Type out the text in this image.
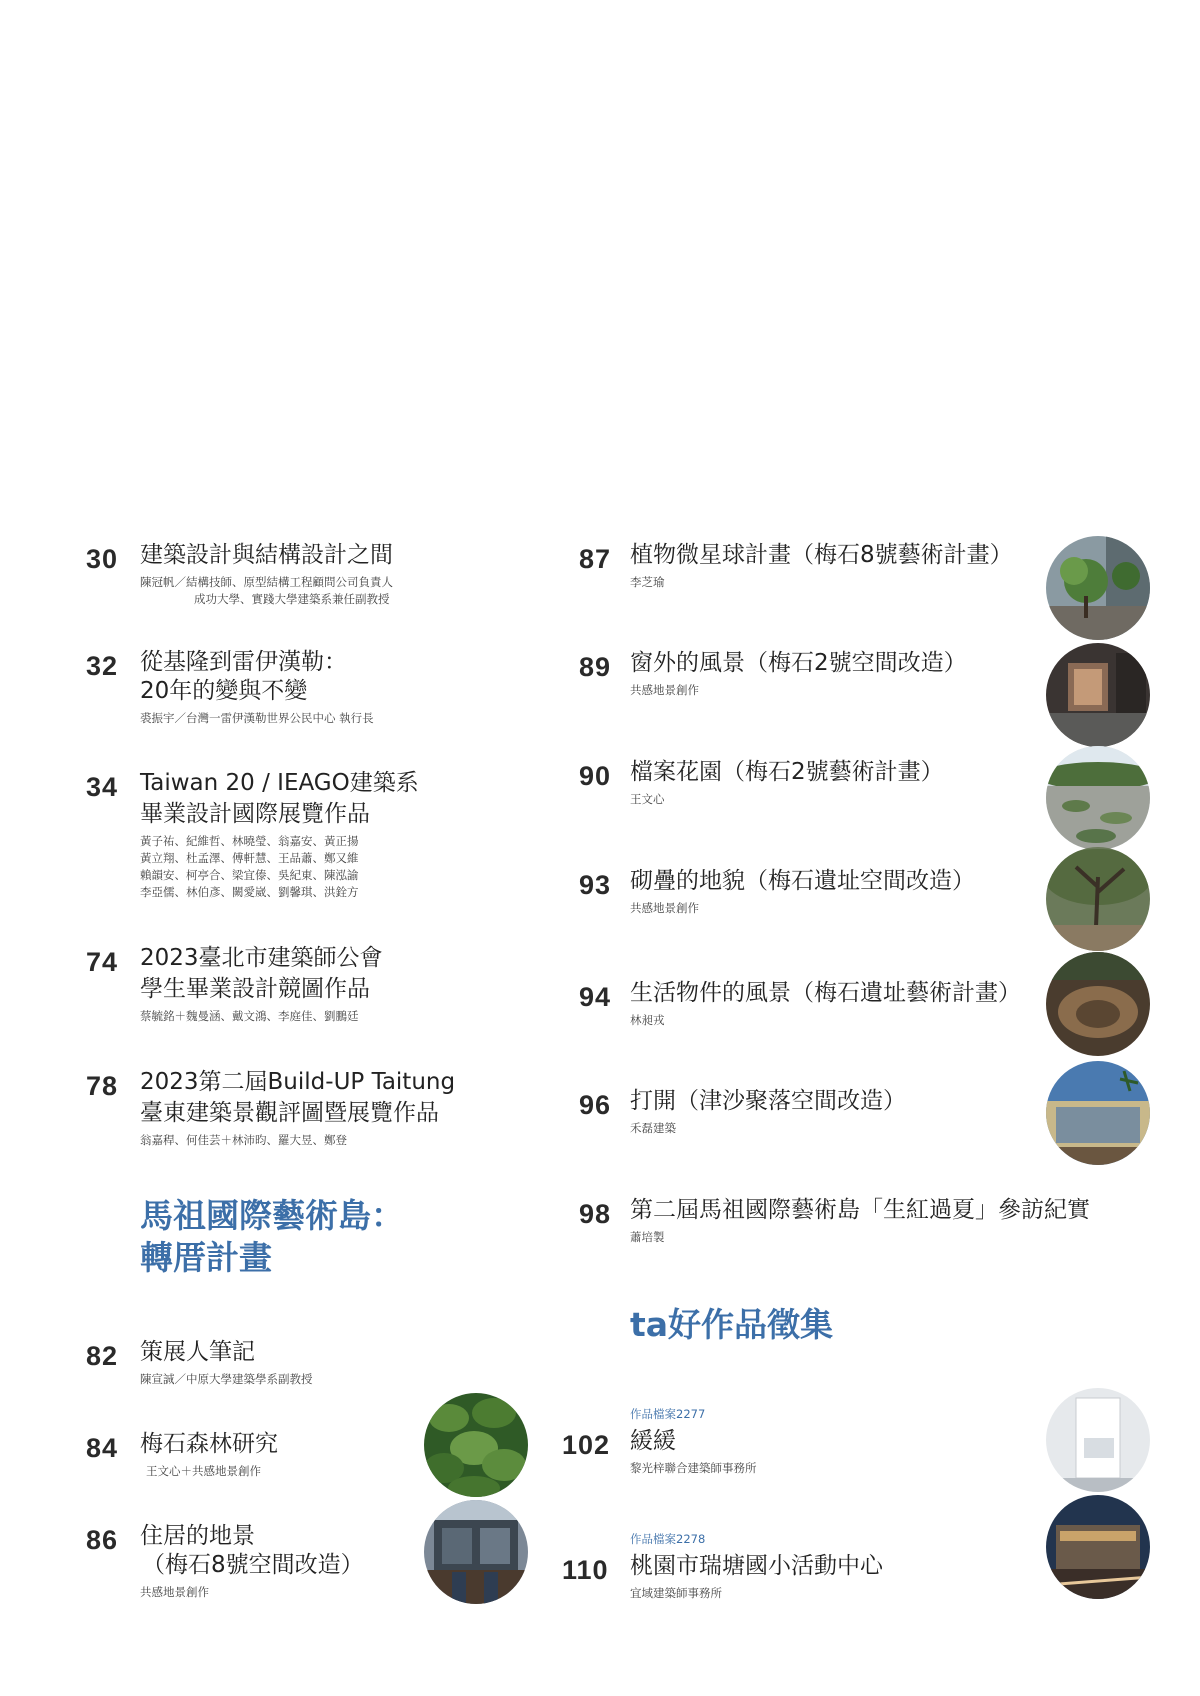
30 建築設計與結構設計之間
陳冠帆／結構技師、原型結構工程顧問公司負責人
成功大學、實踐大學建築系兼任副教授
32 從基隆到雷伊漢勒：
20年的變與不變
裘振宇／台灣一雷伊漢勒世界公民中心 執行長
34 Taiwan 20 / IEAGO建築系
畢業設計國際展覽作品
黃子祐、紀維哲、林曉瑩、翁嘉安、黃正揚
黃立翔、杜孟澤、傅軒慧、王品蕭、鄭又維
賴韻安、柯亭合、梁宜傣、吳紀東、陳泓諭
李亞儒、林伯彥、闕愛崴、劉馨琪、洪銓方
74 2023臺北市建築師公會
學生畢業設計競圖作品
蔡毓銘＋魏曼涵、戴文鴻、李庭佳、劉鵬廷
78 2023第二屆Build-UP Taitung
臺東建築景觀評圖暨展覽作品
翁嘉稈、何佳芸＋林沛昀、羅大昱、鄭登
馬祖國際藝術島：
轉厝計畫
82 策展人筆記
陳宣誠／中原大學建築學系副教授
84 梅石森林研究
王文心＋共感地景創作
86 住居的地景
（梅石8號空間改造）
共感地景創作
87 植物微星球計畫（梅石8號藝術計畫）
李芝瑜
89 窗外的風景（梅石2號空間改造）
共感地景創作
90 檔案花園（梅石2號藝術計畫）
王文心
93 砌疊的地貌（梅石遺址空間改造）
共感地景創作
94 生活物件的風景（梅石遺址藝術計畫）
林昶戎
96 打開（津沙聚落空間改造）
禾磊建築
98 第二屆馬祖國際藝術島「生紅過夏」參訪紀實
蕭培製
ta好作品徵集
作品檔案2277
102 緩緩
黎光梓聯合建築師事務所
作品檔案2278
110 桃園市瑞塘國小活動中心
宜域建築師事務所
